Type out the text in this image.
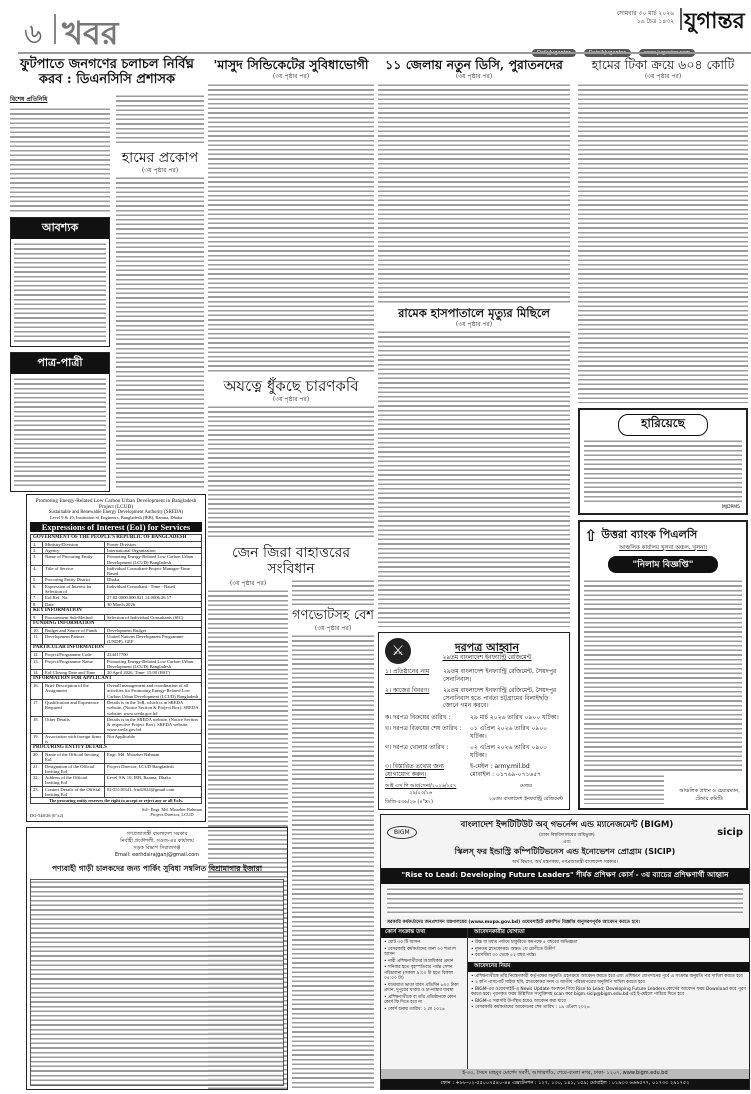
৬ খবর
সোমবার ৩০ মার্চ ২০২৬
১৬ চৈত্র ১৪৩২ যুগান্তর

ফুটপাতে জনগণের চলাচল নির্বিঘ্ন করব : ডিএনসিসি প্রশাসক
বিশেষ প্রতিনিধি
আবশ্যক
পাত্র-পাত্রী
হামের প্রকোপ
(৩য় পৃষ্ঠার পর)
'মাসুদ সিন্ডিকেটের সুবিধাভোগী
(৩য় পৃষ্ঠার পর)
অযত্নে ধুঁকছে চারণকবি
(৩য় পৃষ্ঠার পর)
জেন জিরা বাহাত্তরের সংবিধান
(৩য় পৃষ্ঠার পর)
গণভোটসহ বেশ
(৩য় পৃষ্ঠার পর)
১১ জেলায় নতুন ডিসি, পুরাতনদের
(৩য় পৃষ্ঠার পর)
রামেক হাসপাতালে মৃত্যুর মিছিলে
(৩য় পৃষ্ঠার পর)
⚔	দরপত্র আহ্বান
২৯তম বাংলাদেশ ইনফ্যান্ট্রি রেজিমেন্ট
১। প্রতিষ্ঠানের নাম	২৯তম বাংলাদেশ ইনফ্যান্ট্রি রেজিমেন্ট, সৈয়দপুর সেনানিবাস।
২। কাজের বিবরণ।	২৯তম বাংলাদেশ ইনফ্যান্ট্রি রেজিমেন্ট, সৈয়দপুর সেনানিবাস হতে পার্বত্য চট্টগ্রামের বিলাইছড়ি জোনে গমন করবে।
ক। দরপত্র বিক্রয়ের তারিখ :	২৯ মার্চ ২০২৬ তারিখ ০৯০০ ঘটিকা।
খ। দরপত্র বিক্রয়ের শেষ তারিখ :	০১ এপ্রিল ২০২৬ তারিখ ০৯০০ ঘটিকা।
গ। দরপত্র খোলার তারিখ :	০২ এপ্রিল ২০২৬ তারিখ ০৯০০ ঘটিকা।
৩। বিস্তারিত তথ্যের জন্য যোগাযোগ করুন।
ই-মেইল : army.mil.bd
মোবাইল : ০১৭৬৯-০৭১৬৫৭
আই এস পি আর/সেনা/২০২৬/২৫৭
২৯/০৩/২৬
ডিজি-৫৩৬/২৬ (৪"x২)
মেজর
২৯তম বাংলাদেশ ইনফ্যান্ট্রি রেজিমেন্ট
হামের টিকা ক্রয়ে ৬০৪ কোটি
(৩য় পৃষ্ঠার পর)
হারিয়েছে
MJDPM5
⇧ উত্তরা ব্যাংক পিএলসি
আঞ্চলিক কার্যালয় খুলনা অঞ্চল, খুলনা।
"নিলাম বিজ্ঞপ্তি"
আঞ্চলিক প্রধান ও চেয়ারম্যান, টেন্ডার কমিটি।
Promoting Energy-Related Low Carbon Urban Development in Bangladesh Project (LCUD)
Sustainable and Renewable Energy Development Authority (SREDA)
Level 9 & 10, Institution of Engineers, Bangladesh (IEB), Ramna, Dhaka
Expressions of Interest (EoI) for Services
GOVERNMENT OF THE PEOPLE'S REPUBLIC OF BANGLADESH		
1.	Ministry/Division	Power Division
2.	Agency	International Organization
3.	Name of Procuring Entity	Promoting Energy-Related Low Carbon Urban Development (LCUD) Bangladesh
4.	Title of Service	Individual Consultant-Project Manager-Time Based
5.	Procuring Entity District	Dhaka
6.	Expression of Interest for Selection of	Individual Consultant · Time - Based
7.	EoI Ref. No.	27.02.0000.000.021.14.0006.26.17
8.	Date	30 March 2026
KEY INFORMATION		
9.	Procurement Sub-Method	Selection of Individual Consultants (SIC)
FUNDING INFORMATION		
10.	Budget and Source of Funds	Development Budget
11.	Development Partner	United Nations Development Programme (UNDP), GEF
PARTICULAR INFORMATION		
12.	Project/Programme Code	224417700
13.	Project/Programme Name	Promoting Energy-Related Low Carbon Urban Development (LCUD) Bangladesh
14.	EoI Closing Date and Time	20 April 2026, Time: 15:00 (BST)
INFORMATION FOR APPLICANT		
16.	Brief Description of the Assignment	Overall management and coordination of all activities for Promoting Energy-Related Low Carbon Urban Development (LCUD) Bangladesh
17.	Qualification and Experience Required	Details is in the ToR, which is in SREDA website, (Notice Section & Project Box). SREDA website: www.sreda.gov.bd
18.	Other Details	Details is in the SREDA website, (Notice Section & respective Project Box). SREDA website: www.sreda.gov.bd
19.	Association with foreign firms is	Not Applicable
PROCURING ENTITY DETAILS		
20.	Name of the Official Inviting EoI	Engr. Md. Moazher Rahman
21.	Designation of the Official Inviting EoI	Project Director, LCUD Bangladesh
22.	Address of the Official Inviting EoI	Level 9 & 10, IEB, Ramna, Dhaka
23.	Contact Details of the Official Inviting EoI	02-55110341, lcud2024@gmail.com
The procuring entity reserves the right to accept or reject any or all EoIs.
DG-548/26 (6"x2)
Sd/- Engr. Md. Moazher Rahman
Project Director, LCUD
গণপ্রজাতন্ত্রী বাংলাদেশ সরকার
নির্বাহী প্রকৌশলী, সওজ-এর কার্যালয়
সড়ক বিভাগ সিরাজগঞ্জ
Email: eerhdsirajganj@gmail.com
পণ্যবাহী গাড়ী চালকদের জন্য পার্কিং সুবিধা সম্বলিত বিশ্রামাগার ইজারা
BIGM
বাংলাদেশ ইন্সটিটিউট অব্ গভর্নেন্স এন্ড ম্যানেজমেন্ট (BIGM)
(ঢাকা বিশ্ববিদ্যালয়ের অধিভুক্ত)
এবং
sicip
স্কিলস্ ফর ইন্ডাস্ট্রি কম্পিটিটিভনেস এন্ড ইনোভেশন প্রোগ্রাম (SICIP)
অর্থ বিভাগ, অর্থ মন্ত্রণালয়, গণপ্রজাতন্ত্রী বাংলাদেশ সরকার।
"Rise to Lead: Developing Future Leaders" শীর্ষক প্রশিক্ষণ কোর্স - ৩য় ব্যাচের প্রশিক্ষণার্থী আহ্বান
সরকারি কর্মকর্তাদের জনপ্রশাসন মন্ত্রণালয়ের (www.mopa.gov.bd) ওয়েবসাইটে প্রকাশিত বিজ্ঞপ্তি অনুসরণপূর্বক আবেদন করতে হবে।
কোর্স সংক্রান্ত তথ্য
• মোট ৩০ টি আসন
• বেসরকারি কর্মকর্তাদের জন্য ৩০ শতাংশ আসন
• নারী প্রশিক্ষণার্থীদের অগ্রাধিকার প্রদান
• শনিবার হতে বৃহস্পতিবার পর্যন্ত সেশন পরিচালনা (সকাল ৯:০০ টা হতে বিকাল ০৫:০০ টা)
• যাতায়াত ভাতা বাবদ প্রতিদিন ৬০০ টাকা প্রদান, দুপুরের খাবার ও চা-নাস্তার ব্যবস্থা
• প্রশিক্ষণার্থীকে বা তাঁর প্রতিষ্ঠানকে কোন কোর্স ফি দিতে হবে না
• কোর্স শুরুর তারিখ: ২ মে ২০২৬
আবেদনকারীর যোগ্যতা
• উচ্চ বা মধ্যম পর্যায়ে চাকুরিতে কমপক্ষে ৫ বছরের অভিজ্ঞতা
• ন্যূনতম স্নাতকোত্তর। অন্তত ২য় শ্রেণীতে উত্তীর্ণ
• বয়সসীমা ৩০ থেকে ৫২ বছর পর্যন্ত।
আবেদনের নিয়ম
• প্রশিক্ষণার্থীকে তাঁর নিয়ন্ত্রণকারী কর্তৃপক্ষের অনুমতি গ্রহণক্রমে আবেদন করতে হবে এবং প্রশিক্ষণে যোগদানের পূর্বে এ সংক্রান্ত অনুমতি পত্র দাখিল করতে হবে
• ২ কপি পাসপোর্ট সাইজ ছবি, স্নাতকোত্তর সনদ ও জাতীয় পরিচয়পত্রের অনুলিপি দাখিল করতে হবে
• BIGM-এর ওয়েবসাইট-এ News Update অপশনে গিয়ে Rise to Lead: Developing Future Leaders কোর্সের আবেদন ফরম Download করে পূরণ করতে হবে। পূরণকৃত ফরম উল্লিখিত সংযুক্তিসহ scan করে bigm.sicip@bigm.edu.bd-এই ই-মেইলে পাঠিয়ে দিতে হবে
• BIGM-এ সরাসরি উপস্থিত হয়েও আবেদন করা যাবে
• বেসরকারি কর্মকর্তাদের আবেদনের শেষ তারিখ : ১৯ এপ্রিল ২০২৬
ই-৩৩, সৈয়দ মাহবুব মোর্শেদ সরণী, আগারগাঁও, শেরে-বাংলা নগর, ঢাকা- ১২০৭, www.bigm.edu.bd
ফোন : +৮৮-০২-৫৫০০৭৫৪০-৪৪ এক্সটেনশন : ১২৭, ১৩০, ১৪১, ১৫৯; মোবাইল : ০১৯৩৩ ৬৬৬৫৭৭, ০১৭৩৩ ২৯১৭৫২
